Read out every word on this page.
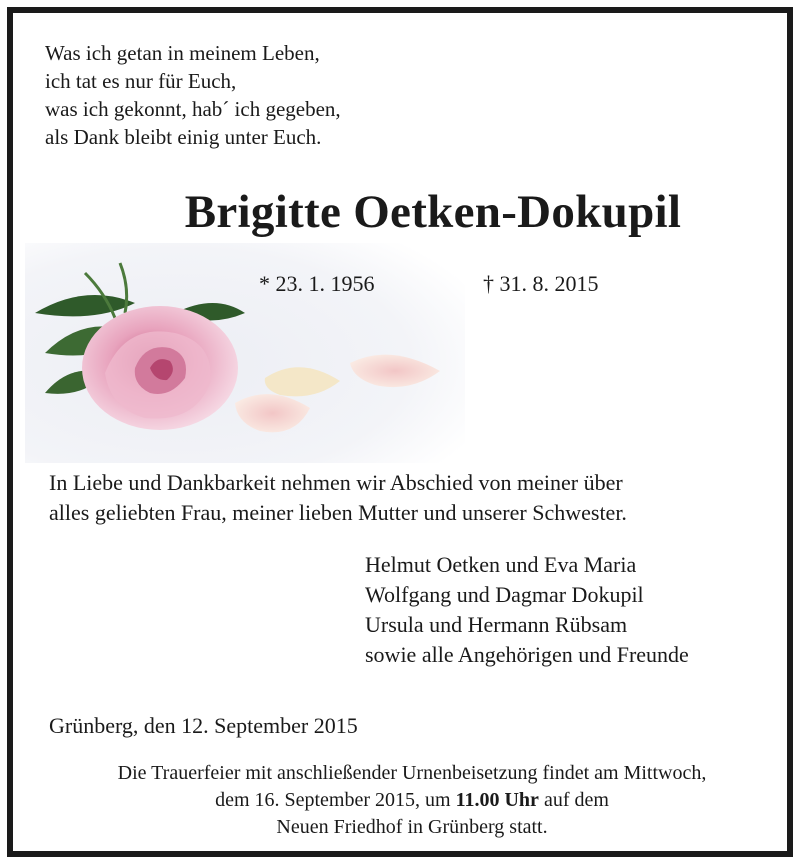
Was ich getan in meinem Leben,
ich tat es nur für Euch,
was ich gekonnt, hab´ ich gegeben,
als Dank bleibt einig unter Euch.
Brigitte Oetken-Dokupil
* 23. 1. 1956	† 31. 8. 2015
In Liebe und Dankbarkeit nehmen wir Abschied von meiner über
alles geliebten Frau, meiner lieben Mutter und unserer Schwester.
Helmut Oetken und Eva Maria
Wolfgang und Dagmar Dokupil
Ursula und Hermann Rübsam
sowie alle Angehörigen und Freunde
Grünberg, den 12. September 2015
Die Trauerfeier mit anschließender Urnenbeisetzung findet am Mittwoch,
dem 16. September 2015, um 11.00 Uhr auf dem
Neuen Friedhof in Grünberg statt.
